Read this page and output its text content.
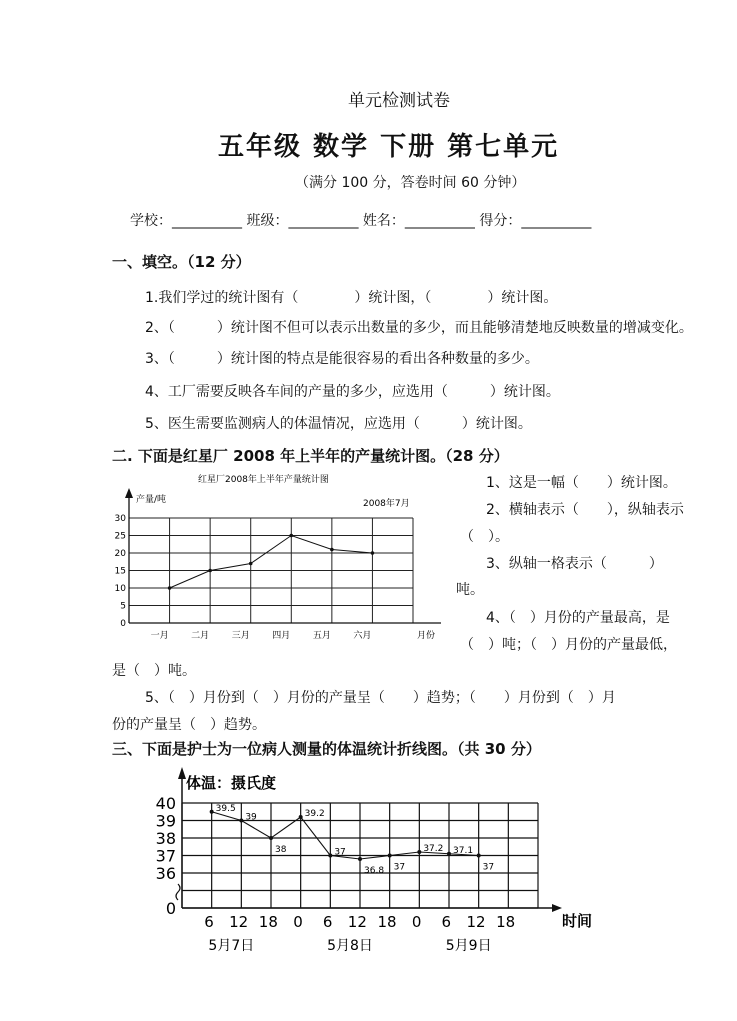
单元检测试卷
五年级 数学 下册 第七单元
（满分 100 分，答卷时间 60 分钟）
学校：__________ 班级：__________ 姓名：__________ 得分：__________
一、填空。（12 分）
1.我们学过的统计图有（　　　　）统计图，（　　　　）统计图。
2、（　　　）统计图不但可以表示出数量的多少，而且能够清楚地反映数量的增减变化。
3、（　　　）统计图的特点是能很容易的看出各种数量的多少。
4、工厂需要反映各车间的产量的多少，应选用（　　　）统计图。
5、医生需要监测病人的体温情况，应选用（　　　）统计图。
二. 下面是红星厂 2008 年上半年的产量统计图。（28 分）
红星厂2008年上半年产量统计图
2008年7月
产量/吨
月份
0
5
10
15
20
25
30
一月	二月	三月	四月	五月	六月
1、这是一幅（　　）统计图。
2、横轴表示（　　），纵轴表示
（　）。
3、纵轴一格表示（　　　）
吨。
4、（　）月份的产量最高，是
（　）吨；（　）月份的产量最低，
是（　）吨。
5、（　）月份到（　）月份的产量呈（　　）趋势；（　　）月份到（　）月
份的产量呈（　）趋势。
三、下面是护士为一位病人测量的体温统计折线图。（共 30 分）
体温：摄氏度
时间
40
39
38
37
36
0
6 12 18 0 6 12 18 0 6 12 18
5月7日	5月8日	5月9日
39.5
39
38
39.2
37
36.8 37
37.2 37.1
37
